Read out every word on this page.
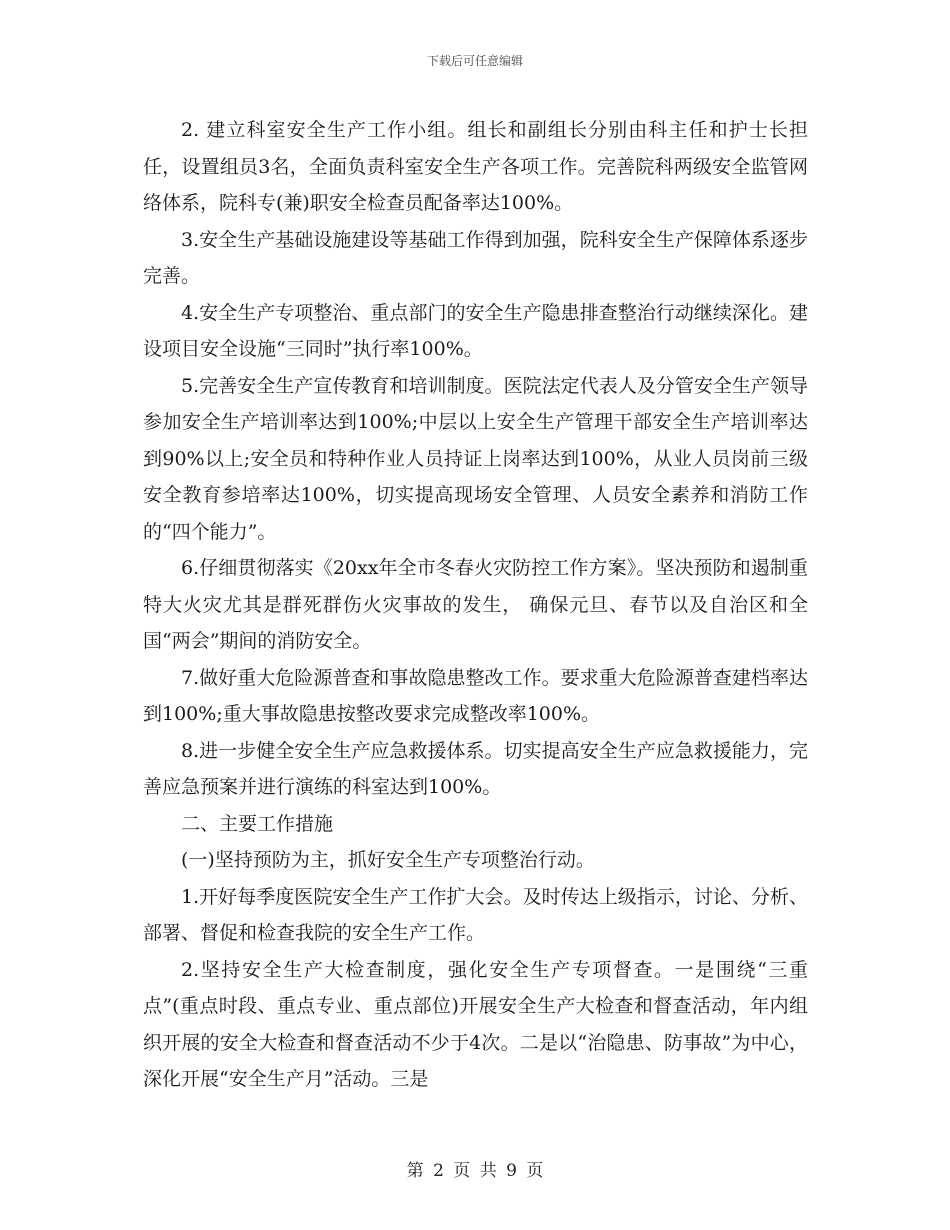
下载后可任意编辑

2. 建立科室安全生产工作小组。组长和副组长分别由科主任和护士长担任，设置组员3名，全面负责科室安全生产各项工作。完善院科两级安全监管网络体系，院科专(兼)职安全检查员配备率达100%。

3.安全生产基础设施建设等基础工作得到加强，院科安全生产保障体系逐步完善。

4.安全生产专项整治、重点部门的安全生产隐患排查整治行动继续深化。建设项目安全设施“三同时”执行率100%。

5.完善安全生产宣传教育和培训制度。医院法定代表人及分管安全生产领导参加安全生产培训率达到100%;中层以上安全生产管理干部安全生产培训率达到90%以上;安全员和特种作业人员持证上岗率达到100%，从业人员岗前三级安全教育参培率达100%，切实提高现场安全管理、人员安全素养和消防工作的“四个能力”。

6.仔细贯彻落实《20xx年全市冬春火灾防控工作方案》。坚决预防和遏制重特大火灾尤其是群死群伤火灾事故的发生， 确保元旦、春节以及自治区和全国“两会”期间的消防安全。

7.做好重大危险源普查和事故隐患整改工作。要求重大危险源普查建档率达到100%;重大事故隐患按整改要求完成整改率100%。

8.进一步健全安全生产应急救援体系。切实提高安全生产应急救援能力，完善应急预案并进行演练的科室达到100%。

二、主要工作措施

(一)坚持预防为主，抓好安全生产专项整治行动。

1.开好每季度医院安全生产工作扩大会。及时传达上级指示，讨论、分析、部署、督促和检查我院的安全生产工作。

2.坚持安全生产大检查制度，强化安全生产专项督查。一是围绕“三重点”(重点时段、重点专业、重点部位)开展安全生产大检查和督查活动，年内组织开展的安全大检查和督查活动不少于4次。二是以“治隐患、防事故”为中心，深化开展“安全生产月”活动。三是

第 2 页 共 9 页
